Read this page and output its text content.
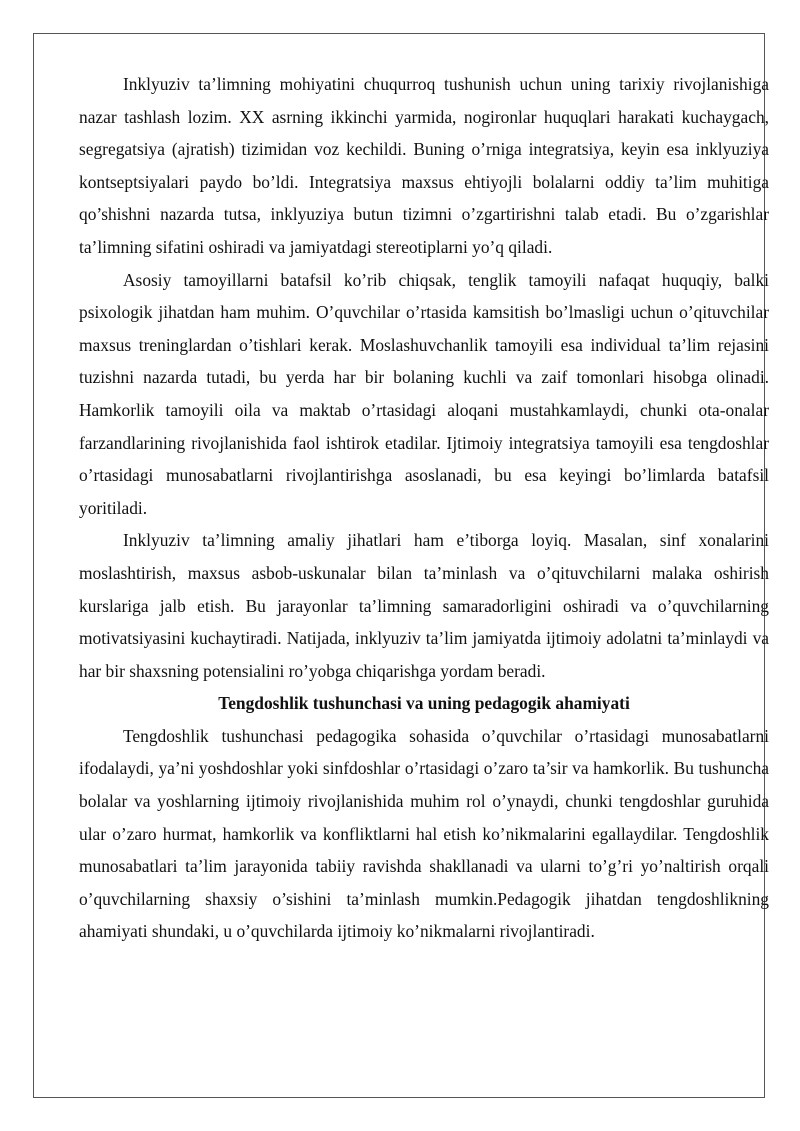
Inklyuziv ta’limning mohiyatini chuqurroq tushunish uchun uning tarixiy rivojlanishiga nazar tashlash lozim. XX asrning ikkinchi yarmida, nogironlar huquqlari harakati kuchaygach, segregatsiya (ajratish) tizimidan voz kechildi. Buning o’rniga integratsiya, keyin esa inklyuziya kontseptsiyalari paydo bo’ldi. Integratsiya maxsus ehtiyojli bolalarni oddiy ta’lim muhitiga qo’shishni nazarda tutsa, inklyuziya butun tizimni o’zgartirishni talab etadi. Bu o’zgarishlar ta’limning sifatini oshiradi va jamiyatdagi stereotiplarni yo’q qiladi.

Asosiy tamoyillarni batafsil ko’rib chiqsak, tenglik tamoyili nafaqat huquqiy, balki psixologik jihatdan ham muhim. O’quvchilar o’rtasida kamsitish bo’lmasligi uchun o’qituvchilar maxsus treninglardan o’tishlari kerak. Moslashuvchanlik tamoyili esa individual ta’lim rejasini tuzishni nazarda tutadi, bu yerda har bir bolaning kuchli va zaif tomonlari hisobga olinadi. Hamkorlik tamoyili oila va maktab o’rtasidagi aloqani mustahkamlaydi, chunki ota-onalar farzandlarining rivojlanishida faol ishtirok etadilar. Ijtimoiy integratsiya tamoyili esa tengdoshlar o’rtasidagi munosabatlarni rivojlantirishga asoslanadi, bu esa keyingi bo’limlarda batafsil yoritiladi.

Inklyuziv ta’limning amaliy jihatlari ham e’tiborga loyiq. Masalan, sinf xonalarini moslashtirish, maxsus asbob-uskunalar bilan ta’minlash va o’qituvchilarni malaka oshirish kurslariga jalb etish. Bu jarayonlar ta’limning samaradorligini oshiradi va o’quvchilarning motivatsiyasini kuchaytiradi. Natijada, inklyuziv ta’lim jamiyatda ijtimoiy adolatni ta’minlaydi va har bir shaxsning potensialini ro’yobga chiqarishga yordam beradi.

Tengdoshlik tushunchasi va uning pedagogik ahamiyati

Tengdoshlik tushunchasi pedagogika sohasida o’quvchilar o’rtasidagi munosabatlarni ifodalaydi, ya’ni yoshdoshlar yoki sinfdoshlar o’rtasidagi o’zaro ta’sir va hamkorlik. Bu tushuncha bolalar va yoshlarning ijtimoiy rivojlanishida muhim rol o’ynaydi, chunki tengdoshlar guruhida ular o’zaro hurmat, hamkorlik va konfliktlarni hal etish ko’nikmalarini egallaydilar. Tengdoshlik munosabatlari ta’lim jarayonida tabiiy ravishda shakllanadi va ularni to’g’ri yo’naltirish orqali o’quvchilarning shaxsiy o’sishini ta’minlash mumkin.Pedagogik jihatdan tengdoshlikning ahamiyati shundaki, u o’quvchilarda ijtimoiy ko’nikmalarni rivojlantiradi.
